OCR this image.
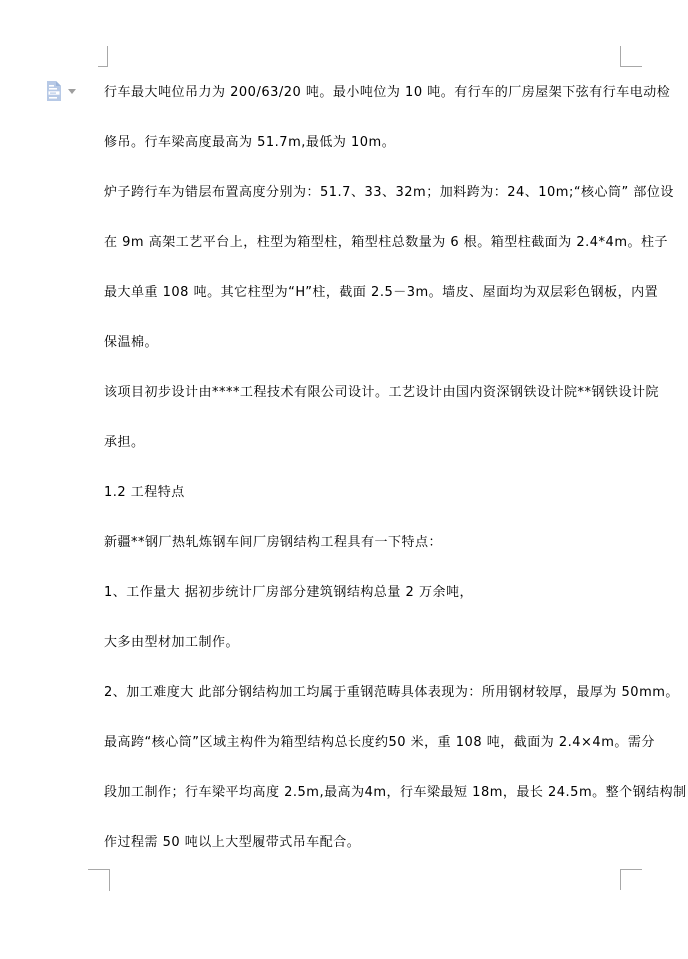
行车最大吨位吊力为 200/63/20 吨。最小吨位为 10 吨。有行车的厂房屋架下弦有行车电动检
修吊。行车梁高度最高为 51.7m,最低为 10m。
炉子跨行车为错层布置高度分别为：51.7、33、32m；加料跨为：24、10m;“核心筒” 部位设
在 9m 高架工艺平台上，柱型为箱型柱，箱型柱总数量为 6 根。箱型柱截面为 2.4*4m。柱子
最大单重 108 吨。其它柱型为“H”柱，截面 2.5－3m。墙皮、屋面均为双层彩色钢板，内置
保温棉。
该项目初步设计由****工程技术有限公司设计。工艺设计由国内资深钢铁设计院**钢铁设计院
承担。
1.2 工程特点
新疆**钢厂热轧炼钢车间厂房钢结构工程具有一下特点：
1、工作量大 据初步统计厂房部分建筑钢结构总量 2 万余吨，
大多由型材加工制作。
2、加工难度大 此部分钢结构加工均属于重钢范畴具体表现为：所用钢材较厚，最厚为 50mm。
最高跨“核心筒”区域主构件为箱型结构总长度约50 米，重 108 吨，截面为 2.4×4m。需分
段加工制作；行车梁平均高度 2.5m,最高为4m，行车梁最短 18m，最长 24.5m。整个钢结构制
作过程需 50 吨以上大型履带式吊车配合。
